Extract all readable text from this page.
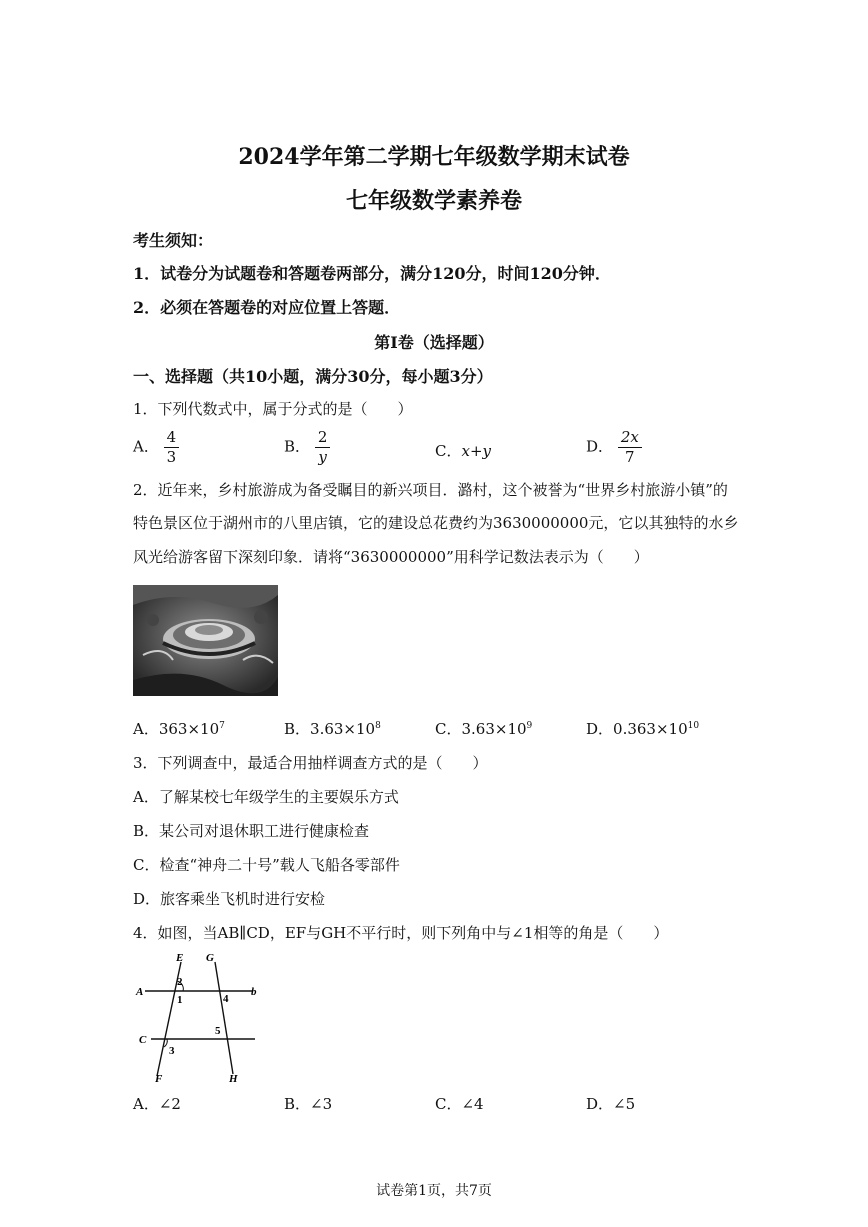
2024学年第二学期七年级数学期末试卷
七年级数学素养卷
考生须知：
1．试卷分为试题卷和答题卷两部分，满分120分，时间120分钟．
2．必须在答题卷的对应位置上答题．
第Ⅰ卷（选择题）
一、选择题（共10小题，满分30分，每小题3分）
1．下列代数式中，属于分式的是（　　）
A． $\frac{4}{3}$	B． $\frac{2}{y}$	C．x+y	D． $\frac{2x}{7}$
2．近年来，乡村旅游成为备受瞩目的新兴项目．潞村，这个被誉为“世界乡村旅游小镇”的
特色景区位于湖州市的八里店镇，它的建设总花费约为3630000000元，它以其独特的水乡
风光给游客留下深刻印象．请将“3630000000”用科学记数法表示为（　　）
A．$363\times 10^7$	B．$3.63\times 10^8$	C．$3.63\times 10^9$	D．$0.363\times 10^{10}$
3．下列调查中，最适合用抽样调查方式的是（　　）
A．了解某校七年级学生的主要娱乐方式
B．某公司对退休职工进行健康检查
C．检查“神舟二十号”载人飞船各零部件
D．旅客乘坐飞机时进行安检
4．如图，当AB∥CD，EF与GH不平行时，则下列角中与∠1相等的角是（　　）
E G
A	b
C
F	H
2
1
3
4
5
A．∠2	B．∠3	C．∠4	D．∠5
试卷第1页，共7页
